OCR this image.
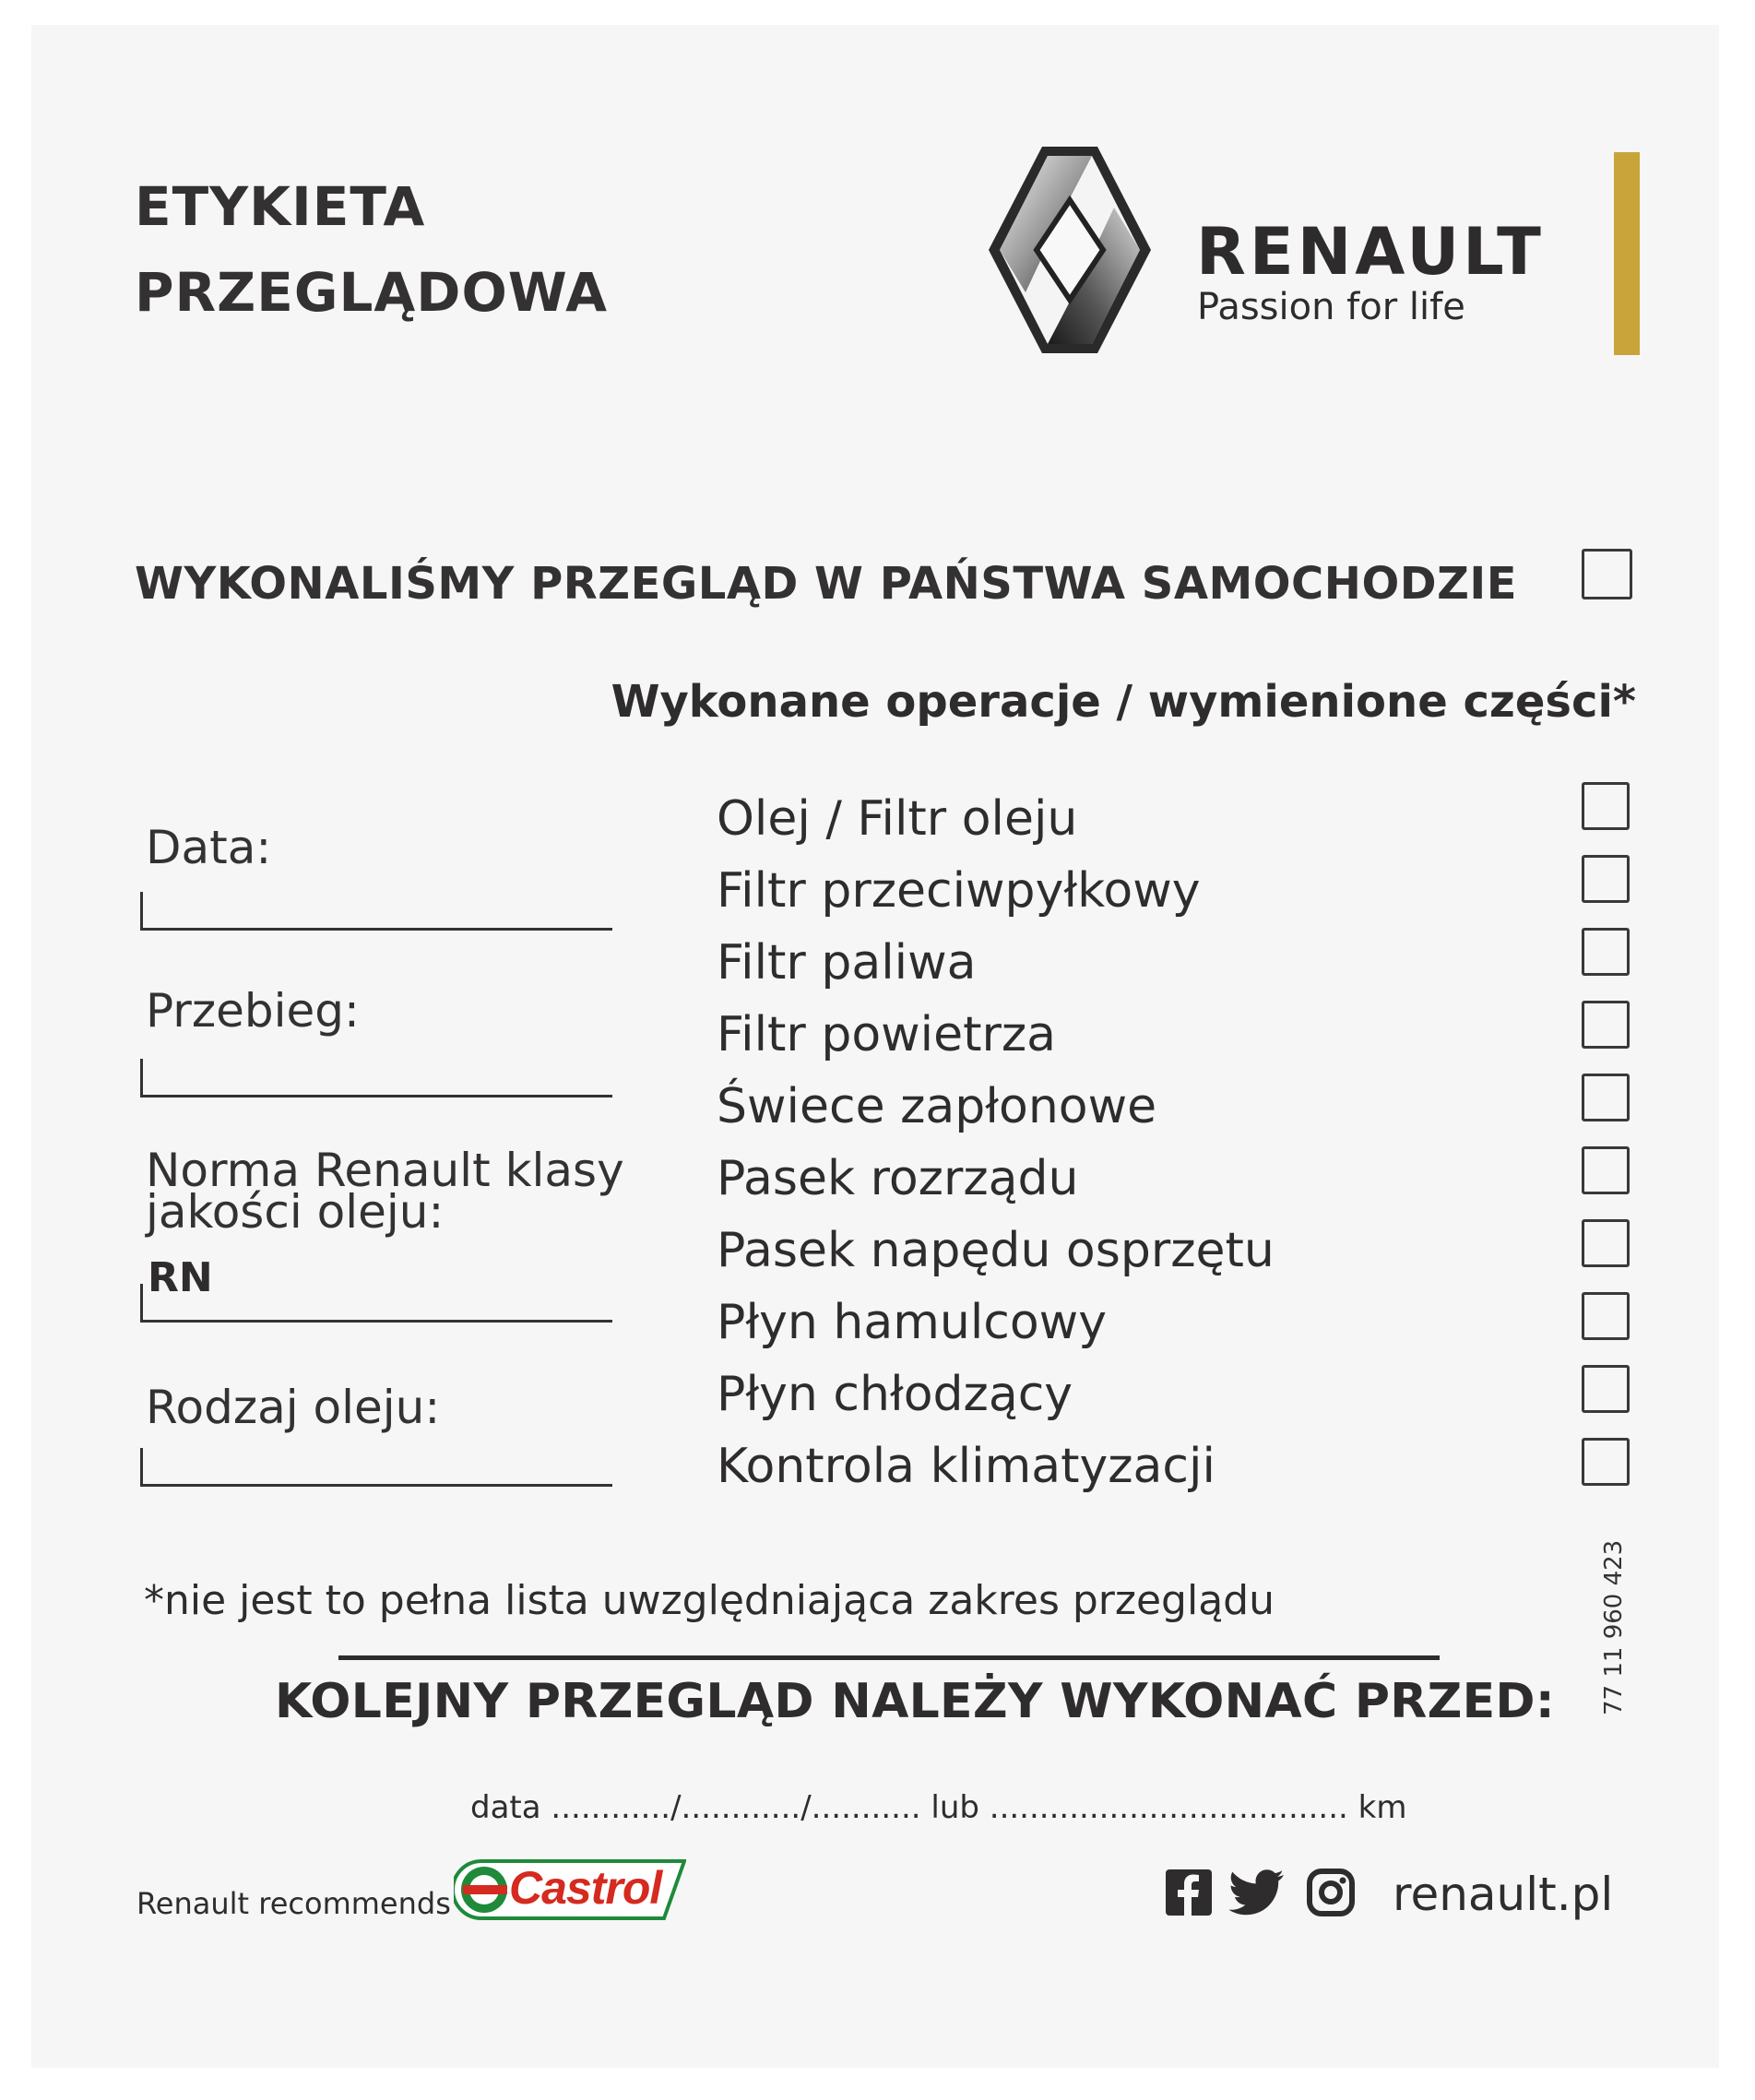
ETYKIETA
PRZEGLĄDOWA
RENAULT
Passion for life
WYKONALIŚMY PRZEGLĄD W PAŃSTWA SAMOCHODZIE
Wykonane operacje / wymienione części*
Data:
Przebieg:
Norma Renault klasy
jakości oleju:
RN
Rodzaj oleju:
Olej / Filtr oleju
Filtr przeciwpyłkowy
Filtr paliwa
Filtr powietrza
Świece zapłonowe
Pasek rozrządu
Pasek napędu osprzętu
Płyn hamulcowy
Płyn chłodzący
Kontrola klimatyzacji
77 11 960 423
*nie jest to pełna lista uwzględniająca zakres przeglądu
KOLEJNY PRZEGLĄD NALEŻY WYKONAĆ PRZED:
data ............/............/........... lub .................................... km
Renault recommends Castrol	renault.pl
